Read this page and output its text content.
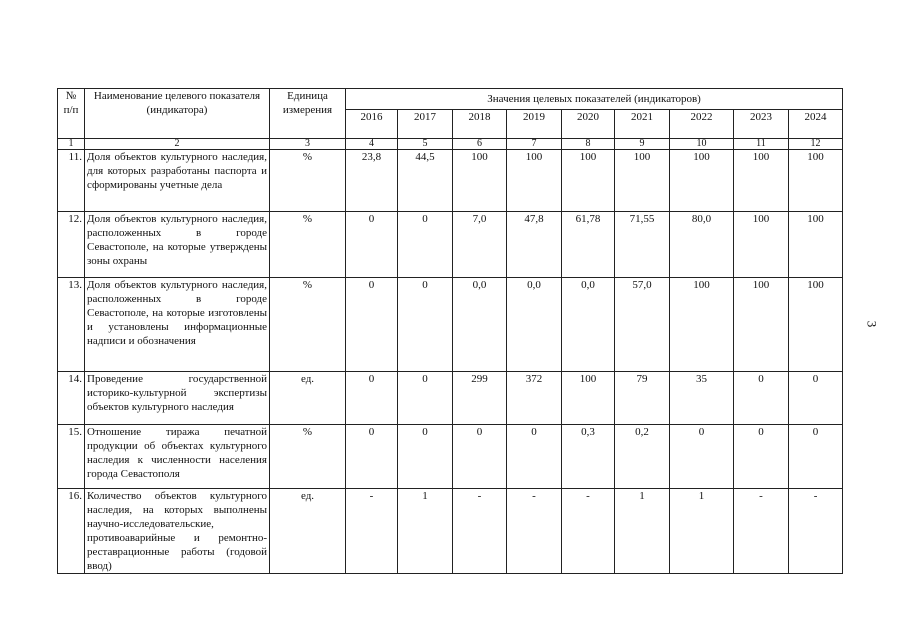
№ п/п	Наименование целевого показателя (индикатора)	Единица измерения	Значения целевых показателей (индикаторов)								
			2016	2017	2018	2019	2020	2021	2022	2023	2024
1	2	3	4	5	6	7	8	9	10	11	12
11.	Доля объектов культурного наследия, для которых разработаны паспорта и сформированы учетные дела	%	23,8	44,5	100	100	100	100	100	100	100
12.	Доля объектов культурного наследия, расположенных в городе Севастополе, на которые утверждены зоны охраны	%	0	0	7,0	47,8	61,78	71,55	80,0	100	100
13.	Доля объектов культурного наследия, расположенных в городе Севастополе, на которые изготовлены и установлены информационные надписи и обозначения	%	0	0	0,0	0,0	0,0	57,0	100	100	100
14.	Проведение государственной историко-культурной экспертизы объектов культурного наследия	ед.	0	0	299	372	100	79	35	0	0
15.	Отношение тиража печатной продукции об объектах культурного наследия к численности населения города Севастополя	%	0	0	0	0	0,3	0,2	0	0	0
16.	Количество объектов культурного наследия, на которых выполнены научно-исследовательские, противоаварийные и ремонтно-реставрационные работы (годовой ввод)	ед.	-	1	-	-	-	1	1	-	-
3
